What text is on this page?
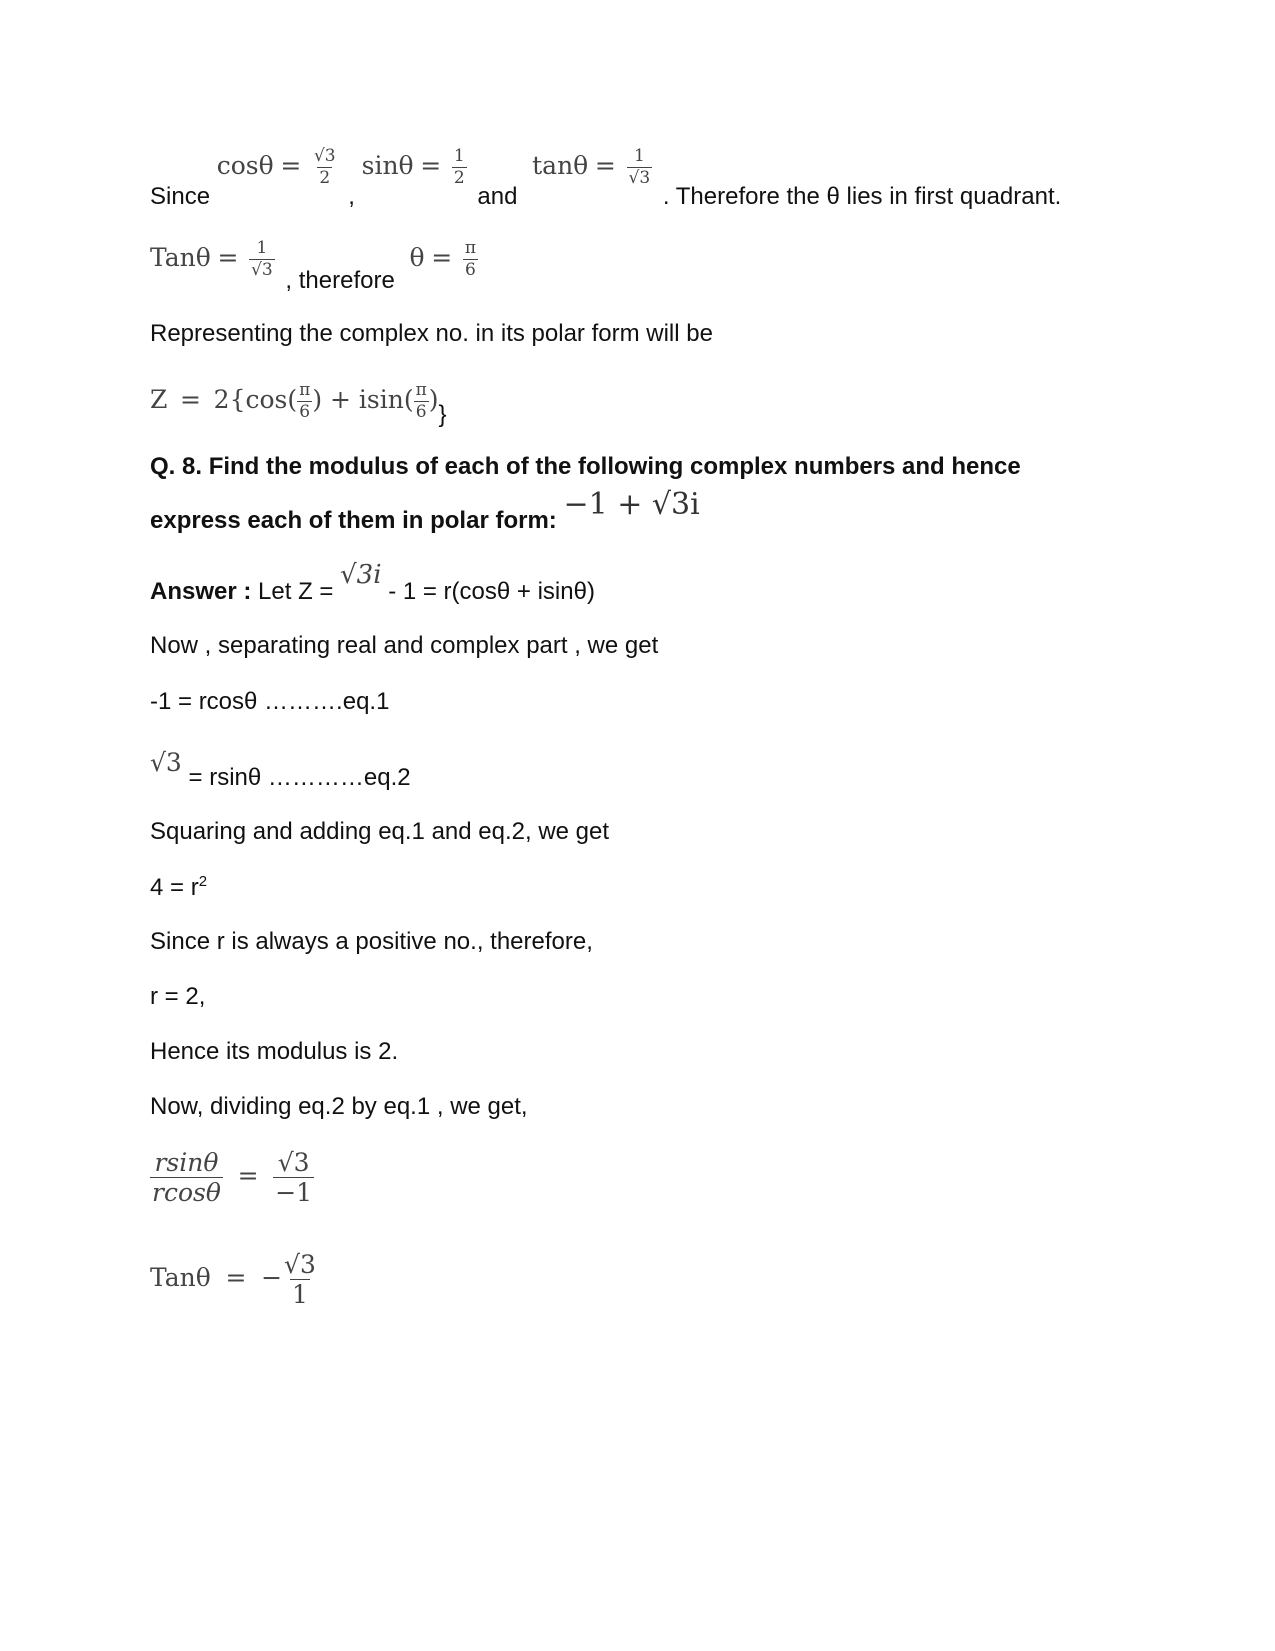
Since $\cos\theta = \frac{√3}{2}$
, $\sin\theta = \frac{1}{2}$
and $\tan\theta = \frac{1}{√3}$
. Therefore the θ lies in first quadrant.
$Tan\theta = \frac{1}{√3}$
, therefore $\theta = \frac{\pi}{6}$
Representing the complex no. in its polar form will be
$Z = 2\{\cos( \frac{\pi}{6}$ ) + $isin( \frac{\pi}{6}$ )}
Q. 8. Find the modulus of each of the following complex numbers and hence
express each of them in polar form: −1 + √3i
Answer : Let Z = √3i - 1 = r(cosθ + isinθ)
Now , separating real and complex part , we get
-1 = rcosθ ……….eq.1
√3 = rsinθ …………eq.2
Squaring and adding eq.1 and eq.2, we get
$4 = r^2$
Since r is always a positive no., therefore,
r = 2,
Hence its modulus is 2.
Now, dividing eq.2 by eq.1 , we get,
$\frac{rsin\theta}{rcos\theta} = \frac{√3}{-1}$
Tanθ = − $\frac{√3}{1}$
